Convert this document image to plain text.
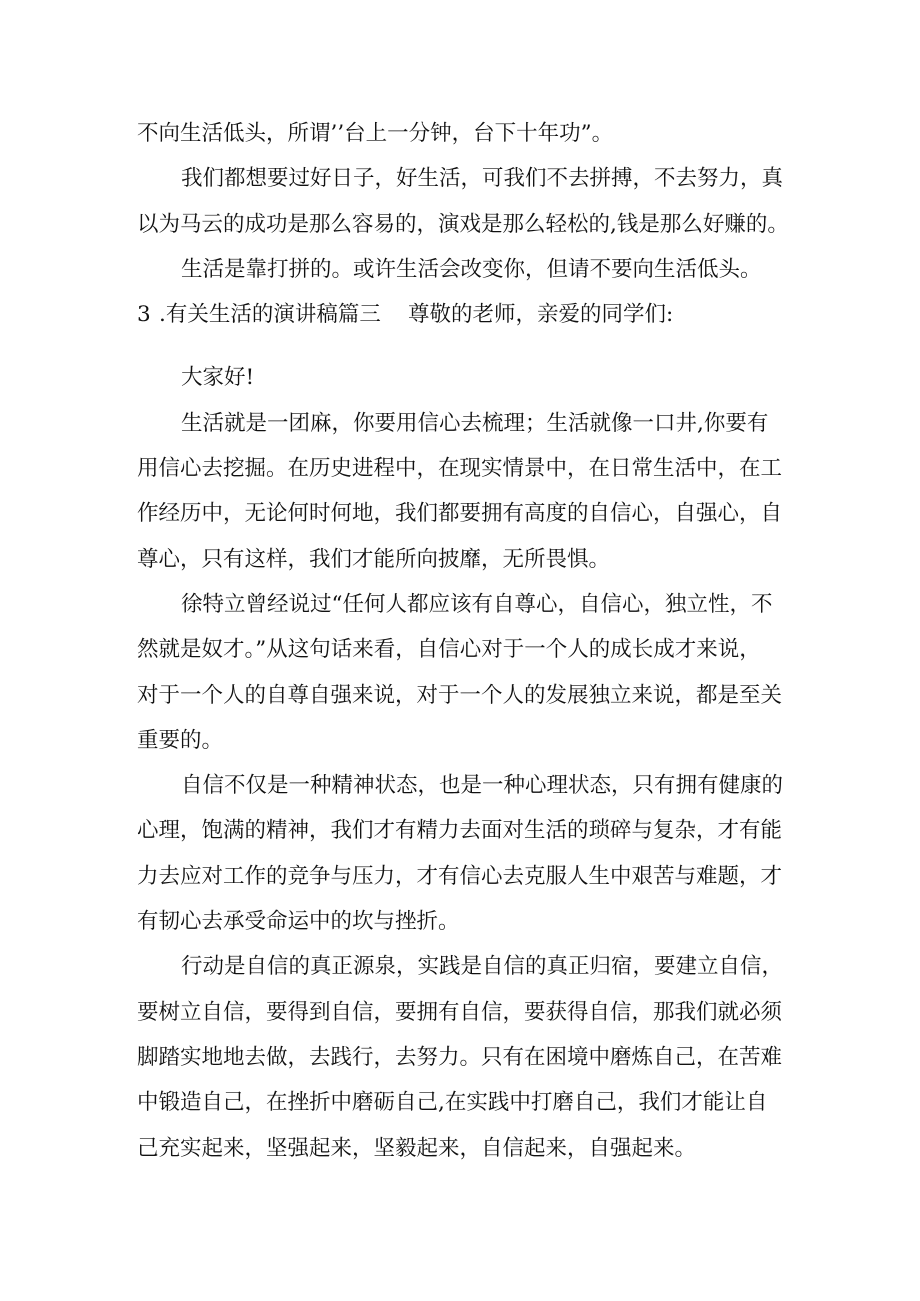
不向生活低头，所谓’’台上一分钟，台下十年功”。
我们都想要过好日子，好生活，可我们不去拼搏，不去努力，真
以为马云的成功是那么容易的，演戏是那么轻松的,钱是那么好赚的。
生活是靠打拼的。或许生活会改变你，但请不要向生活低头。
3 .有关生活的演讲稿篇三 尊敬的老师，亲爱的同学们:
大家好!
生活就是一团麻，你要用信心去梳理；生活就像一口井,你要有
用信心去挖掘。在历史进程中，在现实情景中，在日常生活中，在工
作经历中，无论何时何地，我们都要拥有高度的自信心，自强心，自
尊心，只有这样，我们才能所向披靡，无所畏惧。
徐特立曾经说过“任何人都应该有自尊心，自信心，独立性，不
然就是奴才。”从这句话来看，自信心对于一个人的成长成才来说，
对于一个人的自尊自强来说，对于一个人的发展独立来说，都是至关
重要的。
自信不仅是一种精神状态，也是一种心理状态，只有拥有健康的
心理，饱满的精神，我们才有精力去面对生活的琐碎与复杂，才有能
力去应对工作的竞争与压力，才有信心去克服人生中艰苦与难题，才
有韧心去承受命运中的坎与挫折。
行动是自信的真正源泉，实践是自信的真正归宿，要建立自信，
要树立自信，要得到自信，要拥有自信，要获得自信，那我们就必须
脚踏实地地去做，去践行，去努力。只有在困境中磨炼自己，在苦难
中锻造自己，在挫折中磨砺自己,在实践中打磨自己，我们才能让自
己充实起来，坚强起来，坚毅起来，自信起来，自强起来。
